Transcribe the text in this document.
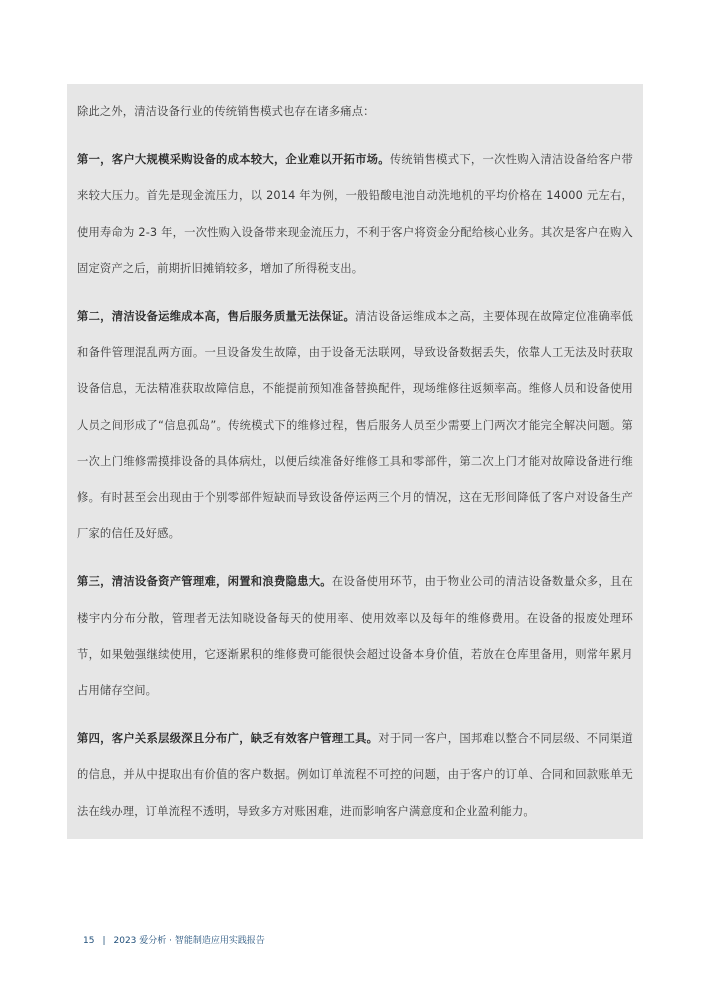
除此之外，清洁设备行业的传统销售模式也存在诸多痛点：

第一，客户大规模采购设备的成本较大，企业难以开拓市场。传统销售模式下，一次性购入清洁设备给客户带来较大压力。首先是现金流压力，以 2014 年为例，一般铅酸电池自动洗地机的平均价格在 14000 元左右，使用寿命为 2-3 年，一次性购入设备带来现金流压力，不利于客户将资金分配给核心业务。其次是客户在购入固定资产之后，前期折旧摊销较多，增加了所得税支出。

第二，清洁设备运维成本高，售后服务质量无法保证。清洁设备运维成本之高，主要体现在故障定位准确率低和备件管理混乱两方面。一旦设备发生故障，由于设备无法联网，导致设备数据丢失，依靠人工无法及时获取设备信息，无法精准获取故障信息，不能提前预知准备替换配件，现场维修往返频率高。维修人员和设备使用人员之间形成了“信息孤岛”。传统模式下的维修过程，售后服务人员至少需要上门两次才能完全解决问题。第一次上门维修需摸排设备的具体病灶，以便后续准备好维修工具和零部件，第二次上门才能对故障设备进行维修。有时甚至会出现由于个别零部件短缺而导致设备停运两三个月的情况，这在无形间降低了客户对设备生产厂家的信任及好感。

第三，清洁设备资产管理难，闲置和浪费隐患大。在设备使用环节，由于物业公司的清洁设备数量众多，且在楼宇内分布分散，管理者无法知晓设备每天的使用率、使用效率以及每年的维修费用。在设备的报废处理环节，如果勉强继续使用，它逐渐累积的维修费可能很快会超过设备本身价值，若放在仓库里备用，则常年累月占用储存空间。

第四，客户关系层级深且分布广，缺乏有效客户管理工具。对于同一客户，国邦难以整合不同层级、不同渠道的信息，并从中提取出有价值的客户数据。例如订单流程不可控的问题，由于客户的订单、合同和回款账单无法在线办理，订单流程不透明，导致多方对账困难，进而影响客户满意度和企业盈利能力。

15 | 2023 爱分析 · 智能制造应用实践报告
